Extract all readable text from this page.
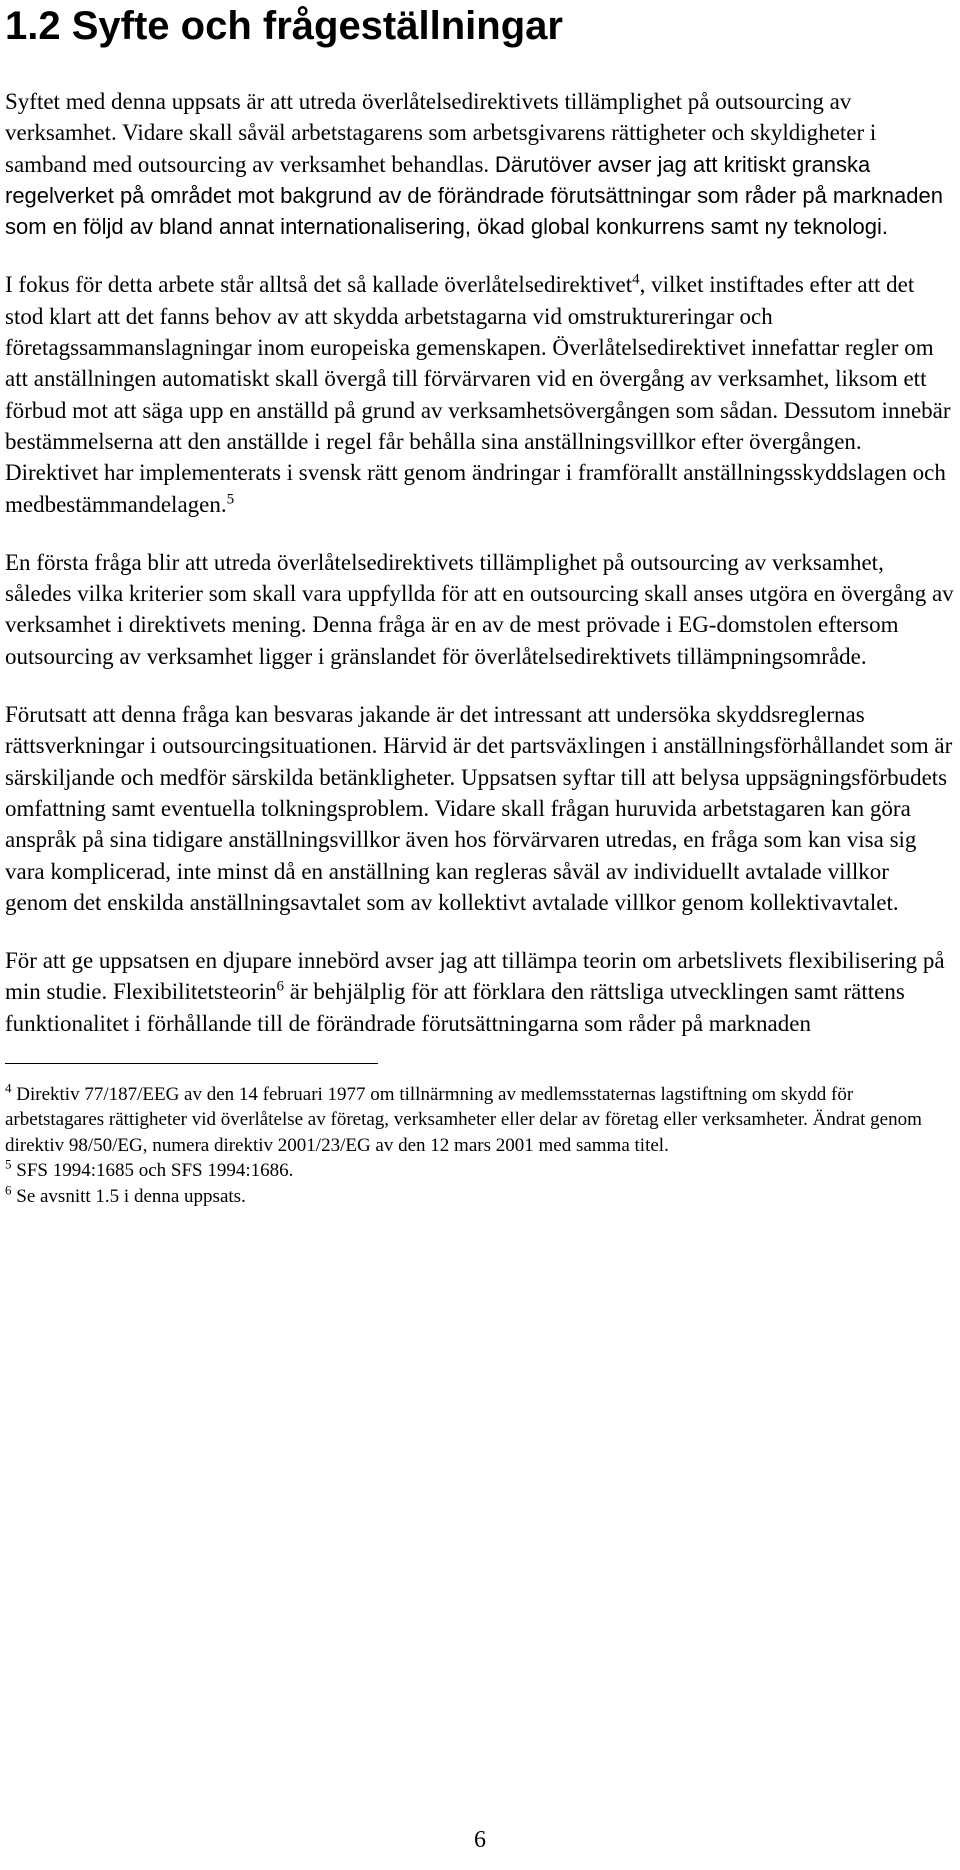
1.2 Syfte och frågeställningar

Syftet med denna uppsats är att utreda överlåtelsedirektivets tillämplighet på outsourcing av verksamhet. Vidare skall såväl arbetstagarens som arbetsgivarens rättigheter och skyldigheter i samband med outsourcing av verksamhet behandlas. Därutöver avser jag att kritiskt granska regelverket på området mot bakgrund av de förändrade förutsättningar som råder på marknaden som en följd av bland annat internationalisering, ökad global konkurrens samt ny teknologi.

I fokus för detta arbete står alltså det så kallade överlåtelsedirektivet$^4$, vilket instiftades efter att det stod klart att det fanns behov av att skydda arbetstagarna vid omstruktureringar och företagssammanslagningar inom europeiska gemenskapen. Överlåtelsedirektivet innefattar regler om att anställningen automatiskt skall övergå till förvärvaren vid en övergång av verksamhet, liksom ett förbud mot att säga upp en anställd på grund av verksamhetsövergången som sådan. Dessutom innebär bestämmelserna att den anställde i regel får behålla sina anställningsvillkor efter övergången. Direktivet har implementerats i svensk rätt genom ändringar i framförallt anställningsskyddslagen och medbestämmandelagen.$^5$

En första fråga blir att utreda överlåtelsedirektivets tillämplighet på outsourcing av verksamhet, således vilka kriterier som skall vara uppfyllda för att en outsourcing skall anses utgöra en övergång av verksamhet i direktivets mening. Denna fråga är en av de mest prövade i EG-domstolen eftersom outsourcing av verksamhet ligger i gränslandet för överlåtelsedirektivets tillämpningsområde.

Förutsatt att denna fråga kan besvaras jakande är det intressant att undersöka skyddsreglernas rättsverkningar i outsourcingsituationen. Härvid är det partsväxlingen i anställningsförhållandet som är särskiljande och medför särskilda betänkligheter. Uppsatsen syftar till att belysa uppsägningsförbudets omfattning samt eventuella tolkningsproblem. Vidare skall frågan huruvida arbetstagaren kan göra anspråk på sina tidigare anställningsvillkor även hos förvärvaren utredas, en fråga som kan visa sig vara komplicerad, inte minst då en anställning kan regleras såväl av individuellt avtalade villkor genom det enskilda anställningsavtalet som av kollektivt avtalade villkor genom kollektivavtalet.

För att ge uppsatsen en djupare innebörd avser jag att tillämpa teorin om arbetslivets flexibilisering på min studie. Flexibilitetsteorin$^6$ är behjälplig för att förklara den rättsliga utvecklingen samt rättens funktionalitet i förhållande till de förändrade förutsättningarna som råder på marknaden

$^4$ Direktiv 77/187/EEG av den 14 februari 1977 om tillnärmning av medlemsstaternas lagstiftning om skydd för arbetstagares rättigheter vid överlåtelse av företag, verksamheter eller delar av företag eller verksamheter. Ändrat genom direktiv 98/50/EG, numera direktiv 2001/23/EG av den 12 mars 2001 med samma titel.

$^5$ SFS 1994:1685 och SFS 1994:1686.

$^6$ Se avsnitt 1.5 i denna uppsats.

6
